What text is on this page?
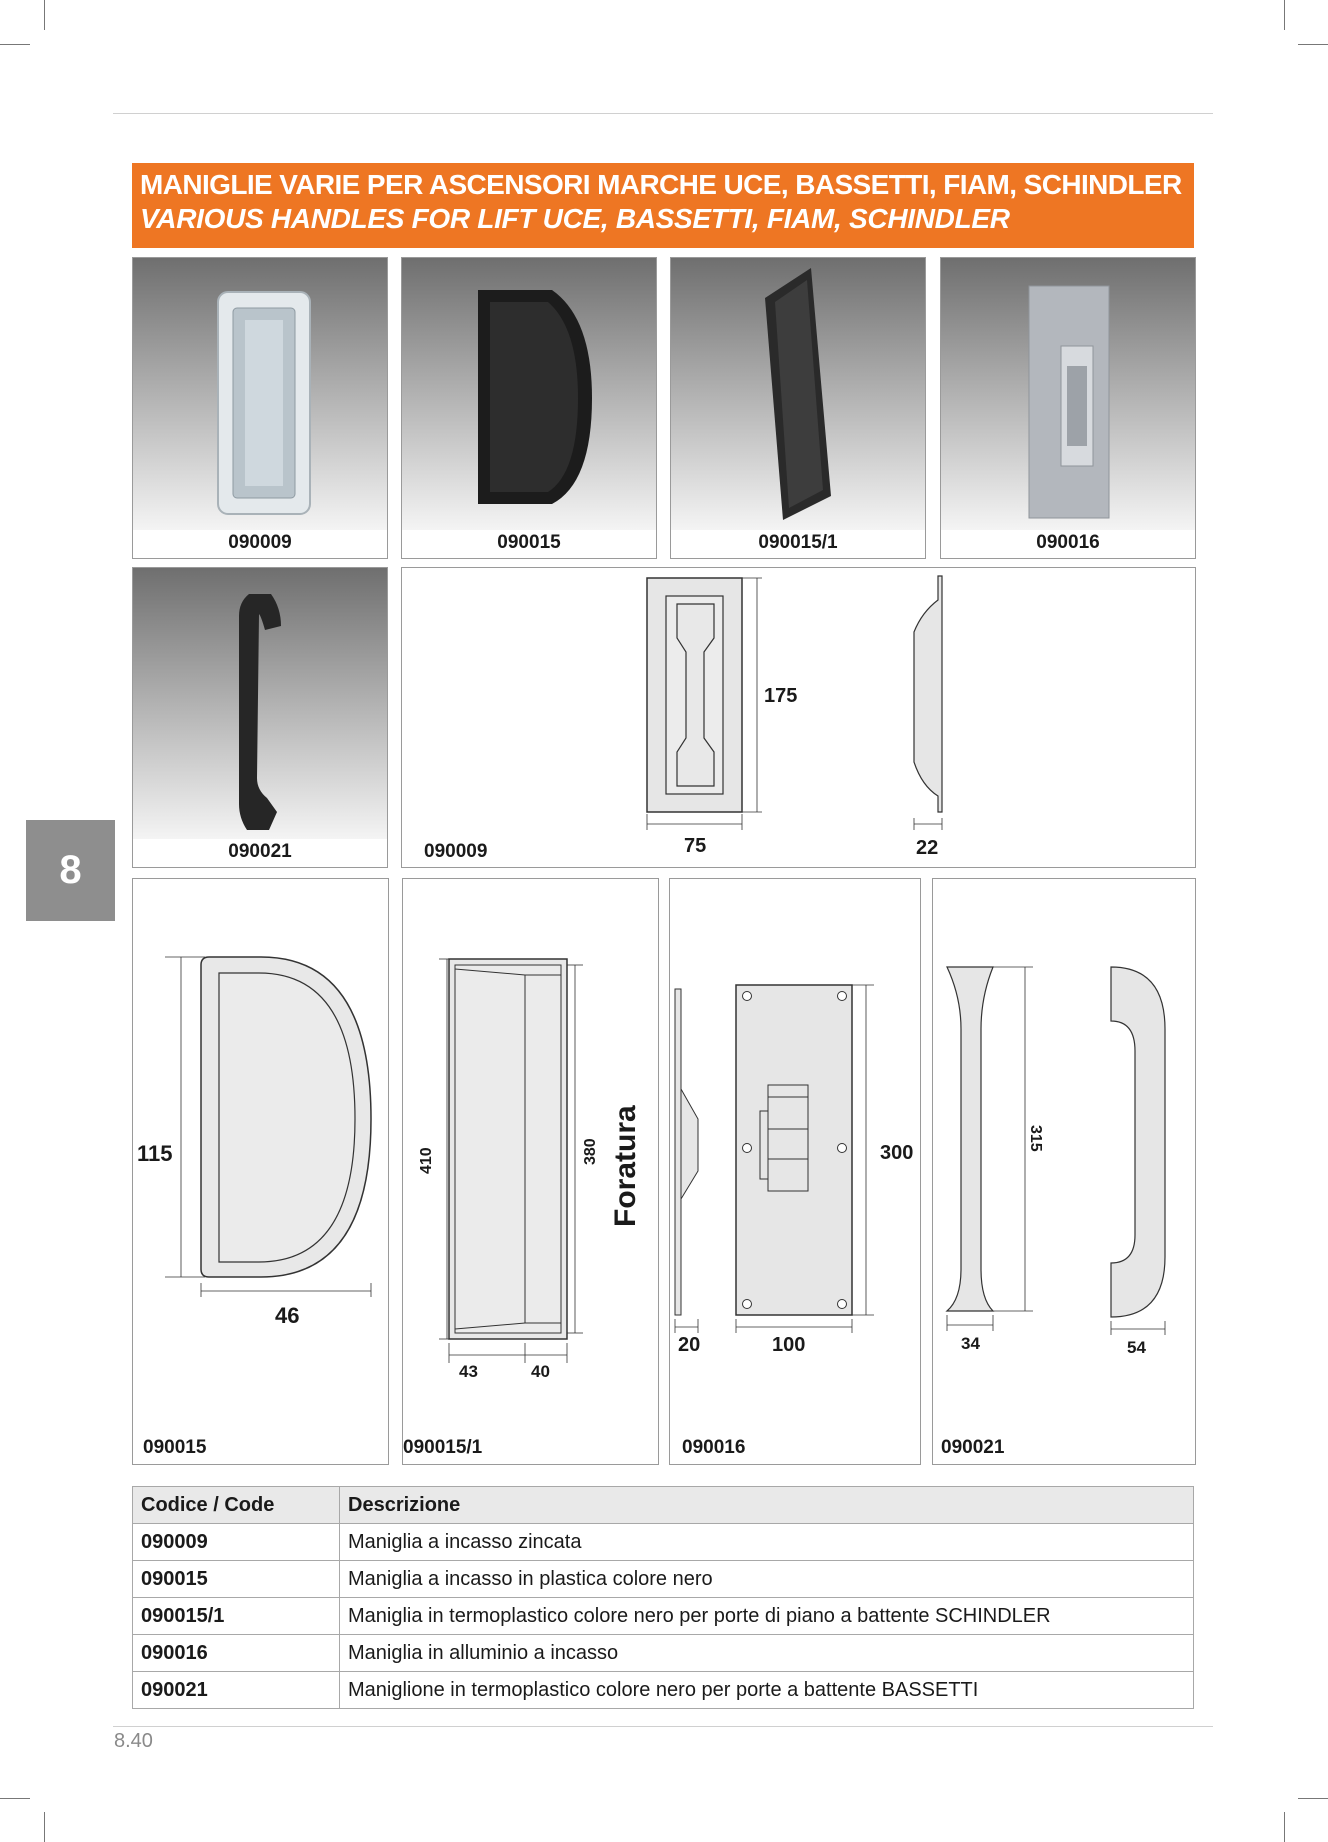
MANIGLIE VARIE PER ASCENSORI MARCHE UCE, BASSETTI, FIAM, SCHINDLER
VARIOUS HANDLES FOR LIFT UCE, BASSETTI, FIAM, SCHINDLER
8
090009	090015	090015/1	090016
090021
175
75	22
090009
115
46
090015
410	380 Foratura
43	40
090015/1
300
20	100
090016
315
34	54
090021
Codice / Code	Descrizione
090009	Maniglia a incasso zincata
090015	Maniglia a incasso in plastica colore nero
090015/1	Maniglia in termoplastico colore nero per porte di piano a battente SCHINDLER
090016	Maniglia in alluminio a incasso
090021	Maniglione in termoplastico colore nero per porte a battente BASSETTI
8.40
